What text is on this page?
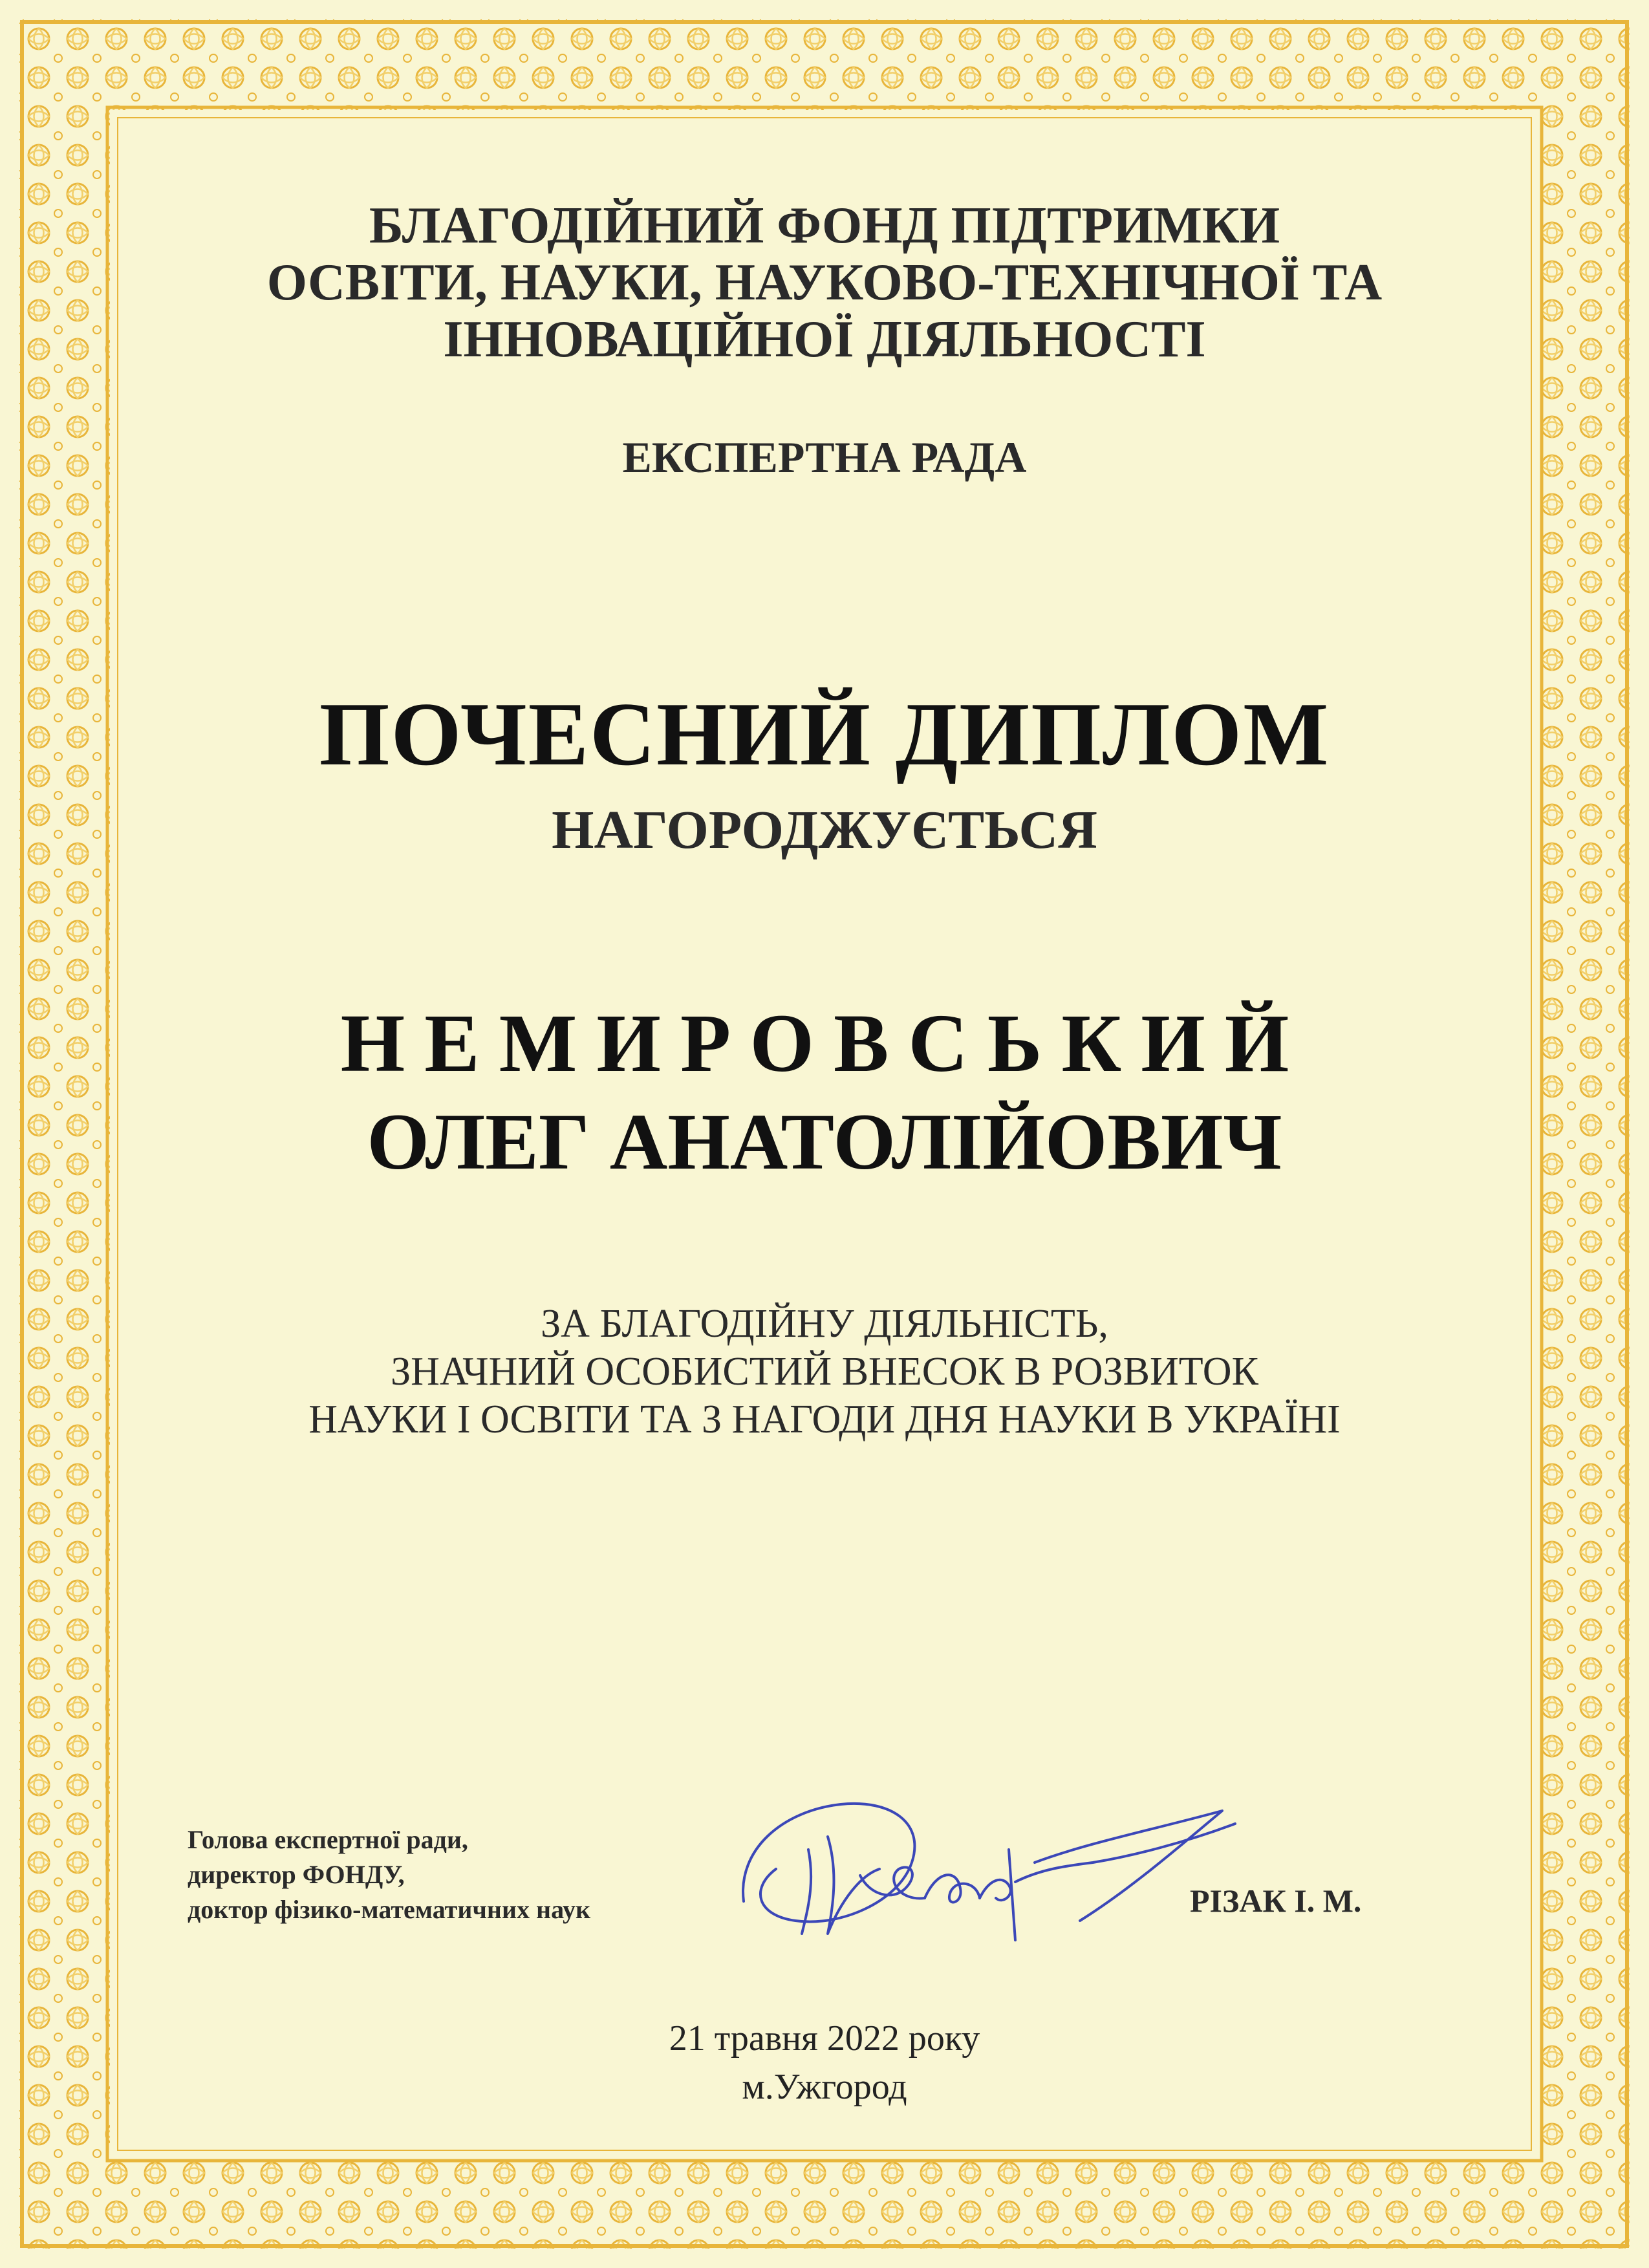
БЛАГОДІЙНИЙ ФОНД ПІДТРИМКИ
ОСВІТИ, НАУКИ, НАУКОВО-ТЕХНІЧНОЇ ТА
ІННОВАЦІЙНОЇ ДІЯЛЬНОСТІ
ЕКСПЕРТНА РАДА
ПОЧЕСНИЙ ДИПЛОМ
НАГОРОДЖУЄТЬСЯ
НЕМИРОВСЬКИЙ
ОЛЕГ АНАТОЛІЙОВИЧ
ЗА БЛАГОДІЙНУ ДІЯЛЬНІСТЬ,
ЗНАЧНИЙ ОСОБИСТИЙ ВНЕСОК В РОЗВИТОК
НАУКИ І ОСВІТИ ТА З НАГОДИ ДНЯ НАУКИ В УКРАЇНІ
Голова експертної ради,
директор ФОНДУ,
доктор фізико-математичних наук	РІЗАК І. М.
21 травня 2022 року
м.Ужгород
